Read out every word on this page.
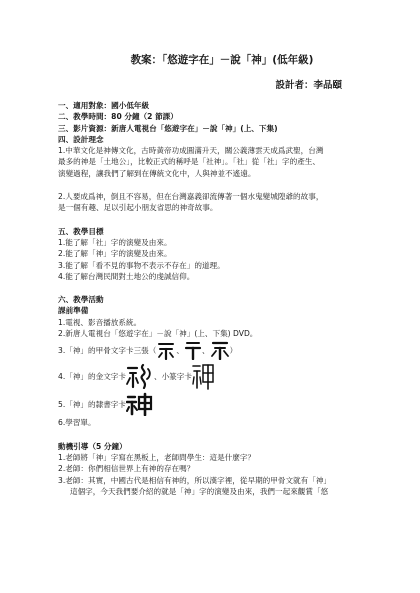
教案：「悠遊字在」－說「神」(低年級)
設計者：李品頤
一、適用對象：國小低年級
二、教學時間：80 分鐘（2 節課）
三、影片資源：新唐人電視台「悠遊字在」－說「神」(上、下集)
四、設計理念
1.中華文化是神傳文化，古時黃帝功成圓滿升天，關公義薄雲天成爲武聖，台灣
最多的神是「土地公」，比較正式的稱呼是「社神」。「社」從「社」字的產生、
演變過程，讓我們了解到在傳統文化中，人與神並不遙遠。
2.人要成爲神，倒且不容易，但在台灣嘉義卻流傳著一個水鬼變城隍爺的故事，
是一個有趣、足以引起小朋友省思的神奇故事。
五、教學目標
1.能了解「社」字的演變及由來。
2.能了解「神」字的演變及由來。
3.能了解「看不見的事物不表示不存在」的道理。
4.能了解台灣民間對土地公的虔誠信仰。
六、教學活動
課前準備
1.電視、影音播放系統。
2.新唐人電視台「悠遊字在」－說「神」(上、下集) DVD。
3.「神」的甲骨文字卡三張（	、 、	）
4.「神」的金文字卡	、小篆字卡
5.「神」的隸書字卡
6.學習單。
動機引導（5 分鐘）
1.老師將「神」字寫在黑板上，老師問學生：這是什麼字？
2.老師：你們相信世界上有神的存在嗎？
3.老師：其實，中國古代是相信有神的，所以漢字裡，從早期的甲骨文就有「神」
這個字，今天我們要介紹的就是「神」字的演變及由來，我們一起來觀賞「悠
